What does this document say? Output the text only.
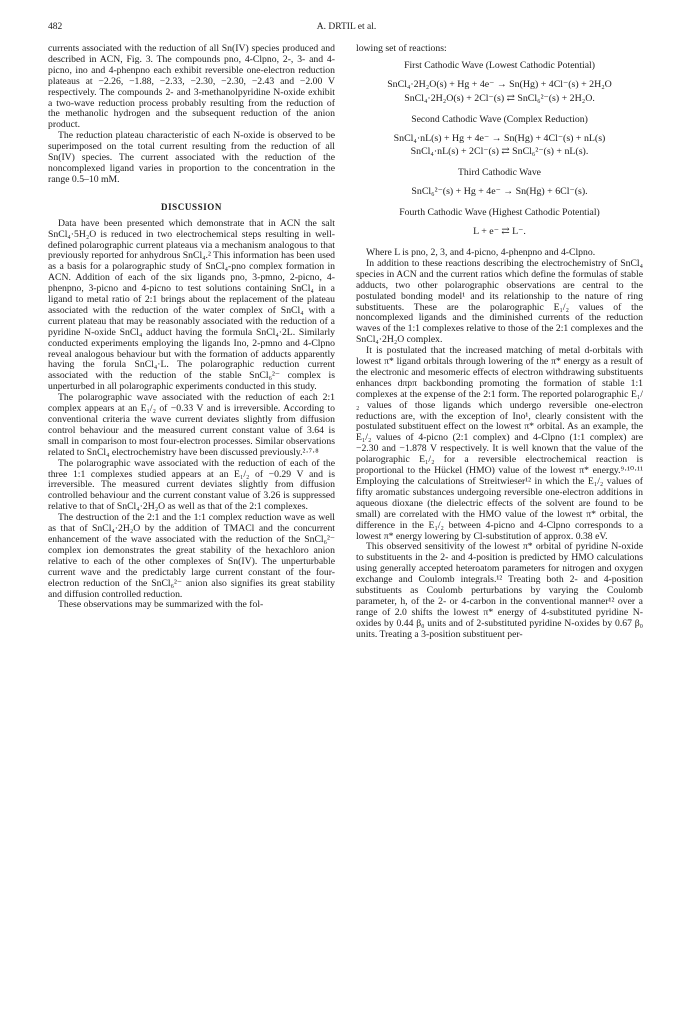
482	A. DRTIL et al.

currents associated with the reduction of all Sn(IV) species produced and described in ACN, Fig. 3. The compounds pno, 4-Clpno, 2-, 3- and 4-picno, ino and 4-phenpno each exhibit reversible one-electron reduction plateaus at −2.26, −1.88, −2.33, −2.30, −2.30, −2.43 and −2.00 V respectively. The compounds 2- and 3-methanolpyridine N-oxide exhibit a two-wave reduction process probably resulting from the reduction of the methanolic hydrogen and the subsequent reduction of the anion product.

The reduction plateau characteristic of each N-oxide is observed to be superimposed on the total current resulting from the reduction of all Sn(IV) species. The current associated with the reduction of the noncomplexed ligand varies in proportion to the concentration in the range 0.5–10 mM.

DISCUSSION

Data have been presented which demonstrate that in ACN the salt SnCl₄·5H₂O is reduced in two electrochemical steps resulting in well-defined polarographic current plateaus via a mechanism analogous to that previously reported for anhydrous SnCl₄.² This information has been used as a basis for a polarographic study of SnCl₄-pno complex formation in ACN. Addition of each of the six ligands pno, 3-pmno, 2-picno, 4-phenpno, 3-picno and 4-picno to test solutions containing SnCl₄ in a ligand to metal ratio of 2:1 brings about the replacement of the plateau associated with the reduction of the water complex of SnCl₄ with a current plateau that may be reasonably associated with the reduction of a pyridine N-oxide SnCl₄ adduct having the formula SnCl₄·2L. Similarly conducted experiments employing the ligands Ino, 2-pmno and 4-Clpno reveal analogous behaviour but with the formation of adducts apparently having the forula SnCl₄·L. The polarographic reduction current associated with the reduction of the stable SnCl₆²⁻ complex is unperturbed in all polarographic experiments conducted in this study.

The polarographic wave associated with the reduction of each 2:1 complex appears at an E₁/₂ of −0.33 V and is irreversible. According to conventional criteria the wave current deviates slightly from diffusion control behaviour and the measured current constant value of 3.64 is small in comparison to most four-electron processes. Similar observations related to SnCl₄ electrochemistry have been discussed previously.²·⁷·⁸

The polarographic wave associated with the reduction of each of the three 1:1 complexes studied appears at an E₁/₂ of −0.29 V and is irreversible. The measured current deviates slightly from diffusion controlled behaviour and the current constant value of 3.26 is suppressed relative to that of SnCl₄·2H₂O as well as that of the 2:1 complexes.

The destruction of the 2:1 and the 1:1 complex reduction wave as well as that of SnCl₄·2H₂O by the addition of TMACl and the concurrent enhancement of the wave associated with the reduction of the SnCl₆²⁻ complex ion demonstrates the great stability of the hexachloro anion relative to each of the other complexes of Sn(IV). The unperturbable current wave and the predictably large current constant of the four-electron reduction of the SnCl₆²⁻ anion also signifies its great stability and diffusion controlled reduction.

These observations may be summarized with the fol-

lowing set of reactions:

First Cathodic Wave (Lowest Cathodic Potential)
SnCl₄·2H₂O(s) + Hg + 4e⁻ → Sn(Hg) + 4Cl⁻(s) + 2H₂O
SnCl₄·2H₂O(s) + 2Cl⁻(s) ⇄ SnCl₆²⁻(s) + 2H₂O.
Second Cathodic Wave (Complex Reduction)
SnCl₄·nL(s) + Hg + 4e⁻ → Sn(Hg) + 4Cl⁻(s) + nL(s)
SnCl₄·nL(s) + 2Cl⁻(s) ⇄ SnCl₆²⁻(s) + nL(s).
Third Cathodic Wave
SnCl₆²⁻(s) + Hg + 4e⁻ → Sn(Hg) + 6Cl⁻(s).
Fourth Cathodic Wave (Highest Cathodic Potential)
L + e⁻ ⇄ L⁻.

Where L is pno, 2, 3, and 4-picno, 4-phenpno and 4-Clpno.

In addition to these reactions describing the electrochemistry of SnCl₄ species in ACN and the current ratios which define the formulas of stable adducts, two other polarographic observations are central to the postulated bonding model¹ and its relationship to the nature of ring substituents. These are the polarographic E₁/₂ values of the noncomplexed ligands and the diminished currents of the reduction waves of the 1:1 complexes relative to those of the 2:1 complexes and the SnCl₄·2H₂O complex.

It is postulated that the increased matching of metal d-orbitals with lowest π* ligand orbitals through lowering of the π* energy as a result of the electronic and mesomeric effects of electron withdrawing substituents enhances dπpπ backbonding promoting the formation of stable 1:1 complexes at the expense of the 2:1 form. The reported polarographic E₁/₂ values of those ligands which undergo reversible one-electron reductions are, with the exception of Ino¹, clearly consistent with the postulated substituent effect on the lowest π* orbital. As an example, the E₁/₂ values of 4-picno (2:1 complex) and 4-Clpno (1:1 complex) are −2.30 and −1.878 V respectively. It is well known that the value of the polarographic E₁/₂ for a reversible electrochemical reaction is proportional to the Hückel (HMO) value of the lowest π* energy.⁹·¹⁰·¹¹ Employing the calculations of Streitwieser¹² in which the E₁/₂ values of fifty aromatic substances undergoing reversible one-electron additions in aqueous dioxane (the dielectric effects of the solvent are found to be small) are correlated with the HMO value of the lowest π* orbital, the difference in the E₁/₂ between 4-picno and 4-Clpno corresponds to a lowest π* energy lowering by Cl-substitution of approx. 0.38 eV.

This observed sensitivity of the lowest π* orbital of pyridine N-oxide to substituents in the 2- and 4-position is predicted by HMO calculations using generally accepted heteroatom parameters for nitrogen and oxygen exchange and Coulomb integrals.¹² Treating both 2- and 4-position substituents as Coulomb perturbations by varying the Coulomb parameter, h, of the 2- or 4-carbon in the conventional manner¹² over a range of 2.0 shifts the lowest π* energy of 4-substituted pyridine N-oxides by 0.44 β₀ units and of 2-substituted pyridine N-oxides by 0.67 β₀ units. Treating a 3-position substituent per-
